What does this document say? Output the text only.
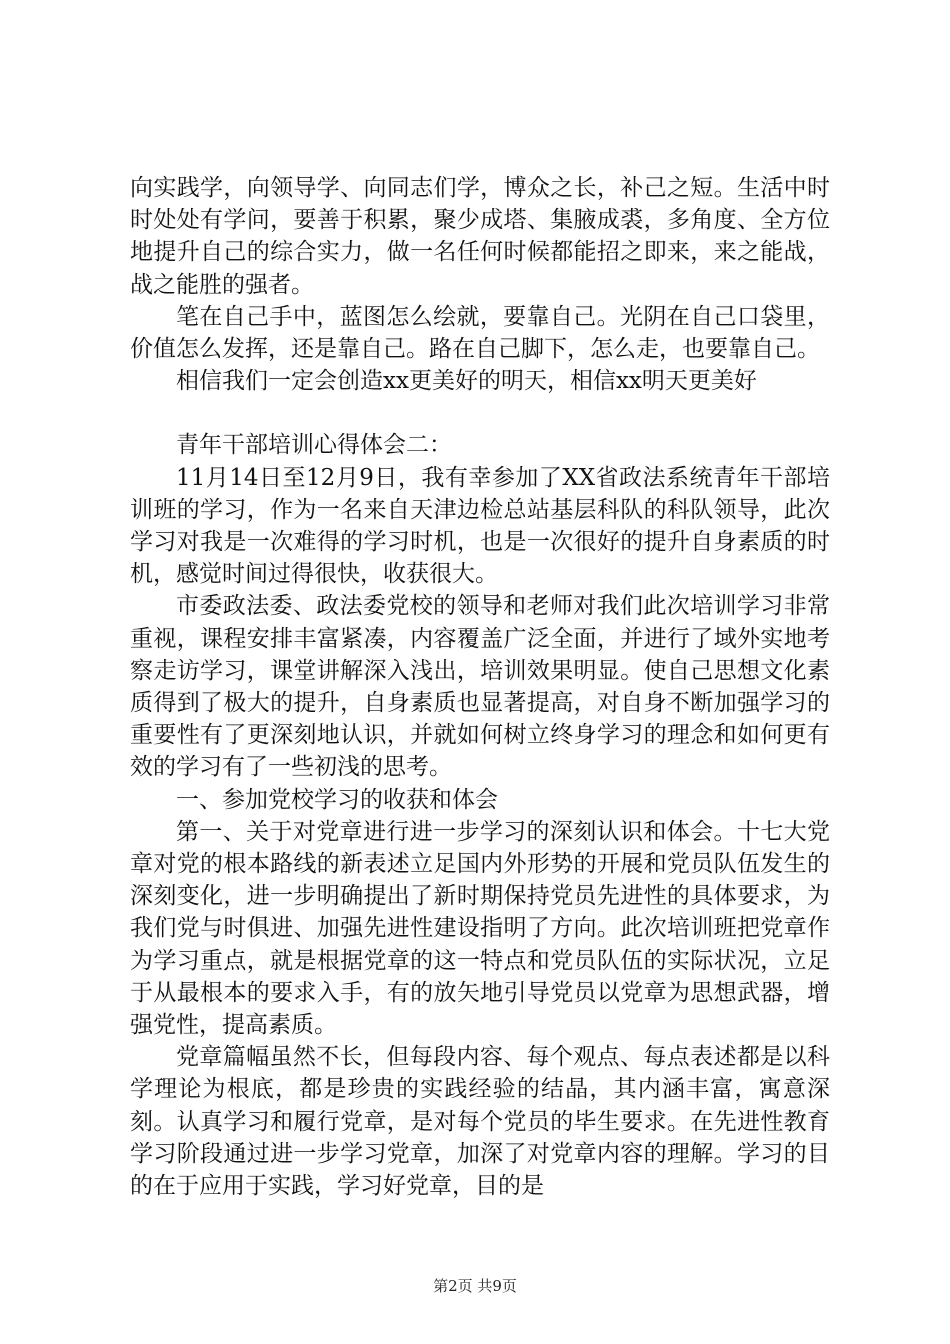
向实践学，向领导学、向同志们学，博众之长，补己之短。生活中时时处处有学问，要善于积累，聚少成塔、集腋成裘，多角度、全方位地提升自己的综合实力，做一名任何时候都能招之即来，来之能战，战之能胜的强者。

笔在自己手中，蓝图怎么绘就，要靠自己。光阴在自己口袋里，价值怎么发挥，还是靠自己。路在自己脚下，怎么走，也要靠自己。

相信我们一定会创造xx更美好的明天，相信xx明天更美好

青年干部培训心得体会二：

11月14日至12月9日，我有幸参加了XX省政法系统青年干部培训班的学习，作为一名来自天津边检总站基层科队的科队领导，此次学习对我是一次难得的学习时机，也是一次很好的提升自身素质的时机，感觉时间过得很快，收获很大。

市委政法委、政法委党校的领导和老师对我们此次培训学习非常重视，课程安排丰富紧凑，内容覆盖广泛全面，并进行了域外实地考察走访学习，课堂讲解深入浅出，培训效果明显。使自己思想文化素质得到了极大的提升，自身素质也显著提高，对自身不断加强学习的重要性有了更深刻地认识，并就如何树立终身学习的理念和如何更有效的学习有了一些初浅的思考。

一、参加党校学习的收获和体会

第一、关于对党章进行进一步学习的深刻认识和体会。十七大党章对党的根本路线的新表述立足国内外形势的开展和党员队伍发生的深刻变化，进一步明确提出了新时期保持党员先进性的具体要求，为我们党与时俱进、加强先进性建设指明了方向。此次培训班把党章作为学习重点，就是根据党章的这一特点和党员队伍的实际状况，立足于从最根本的要求入手，有的放矢地引导党员以党章为思想武器，增强党性，提高素质。

党章篇幅虽然不长，但每段内容、每个观点、每点表述都是以科学理论为根底，都是珍贵的实践经验的结晶，其内涵丰富，寓意深刻。认真学习和履行党章，是对每个党员的毕生要求。在先进性教育学习阶段通过进一步学习党章，加深了对党章内容的理解。学习的目的在于应用于实践，学习好党章，目的是

第2页 共9页
